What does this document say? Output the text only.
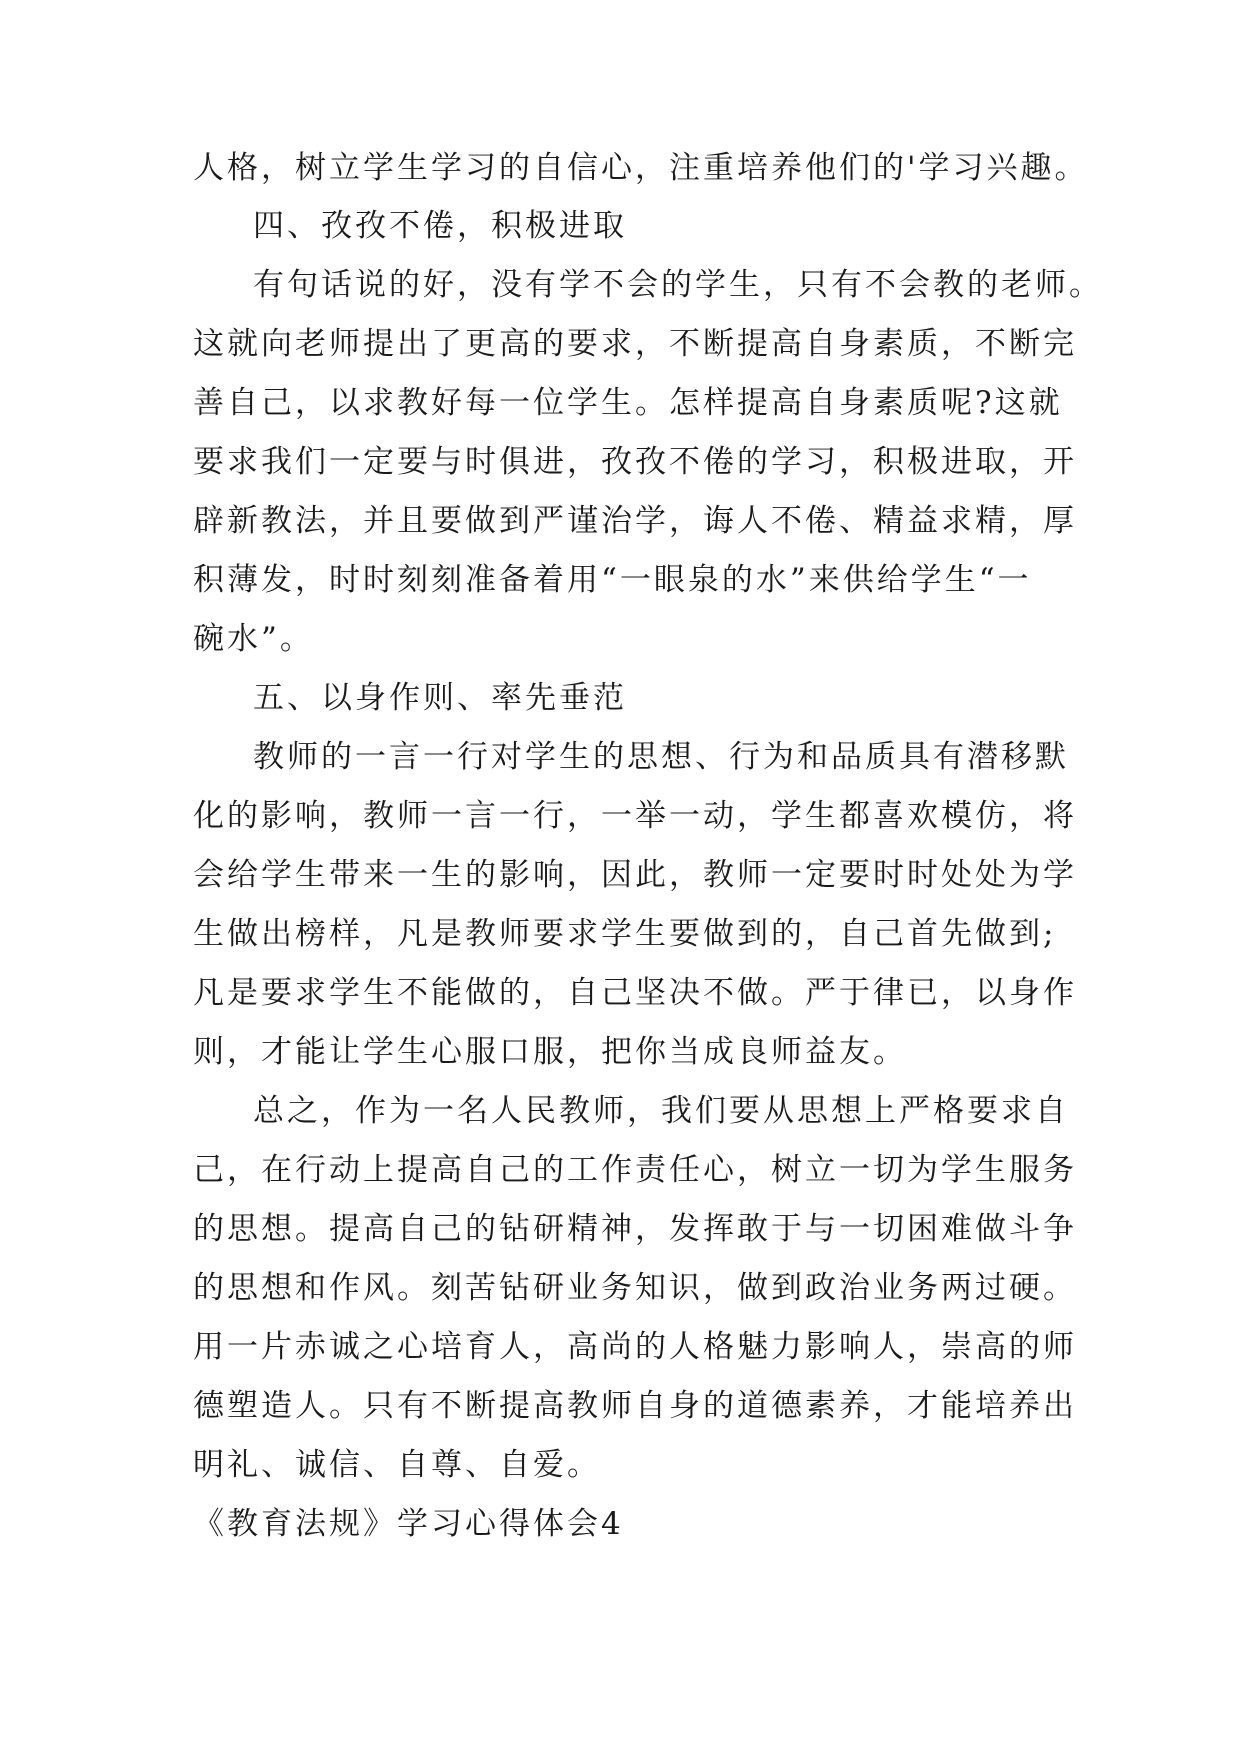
人格，树立学生学习的自信心，注重培养他们的'学习兴趣。
四、孜孜不倦，积极进取
有句话说的好，没有学不会的学生，只有不会教的老师。
这就向老师提出了更高的要求，不断提高自身素质，不断完
善自己，以求教好每一位学生。怎样提高自身素质呢?这就
要求我们一定要与时俱进，孜孜不倦的学习，积极进取，开
辟新教法，并且要做到严谨治学，诲人不倦、精益求精，厚
积薄发，时时刻刻准备着用“一眼泉的水”来供给学生“一
碗水”。
五、以身作则、率先垂范
教师的一言一行对学生的思想、行为和品质具有潜移默
化的影响，教师一言一行，一举一动，学生都喜欢模仿，将
会给学生带来一生的影响，因此，教师一定要时时处处为学
生做出榜样，凡是教师要求学生要做到的，自己首先做到;
凡是要求学生不能做的，自己坚决不做。严于律已，以身作
则，才能让学生心服口服，把你当成良师益友。
总之，作为一名人民教师，我们要从思想上严格要求自
己，在行动上提高自己的工作责任心，树立一切为学生服务
的思想。提高自己的钻研精神，发挥敢于与一切困难做斗争
的思想和作风。刻苦钻研业务知识，做到政治业务两过硬。
用一片赤诚之心培育人，高尚的人格魅力影响人，崇高的师
德塑造人。只有不断提高教师自身的道德素养，才能培养出
明礼、诚信、自尊、自爱。
《教育法规》学习心得体会4
